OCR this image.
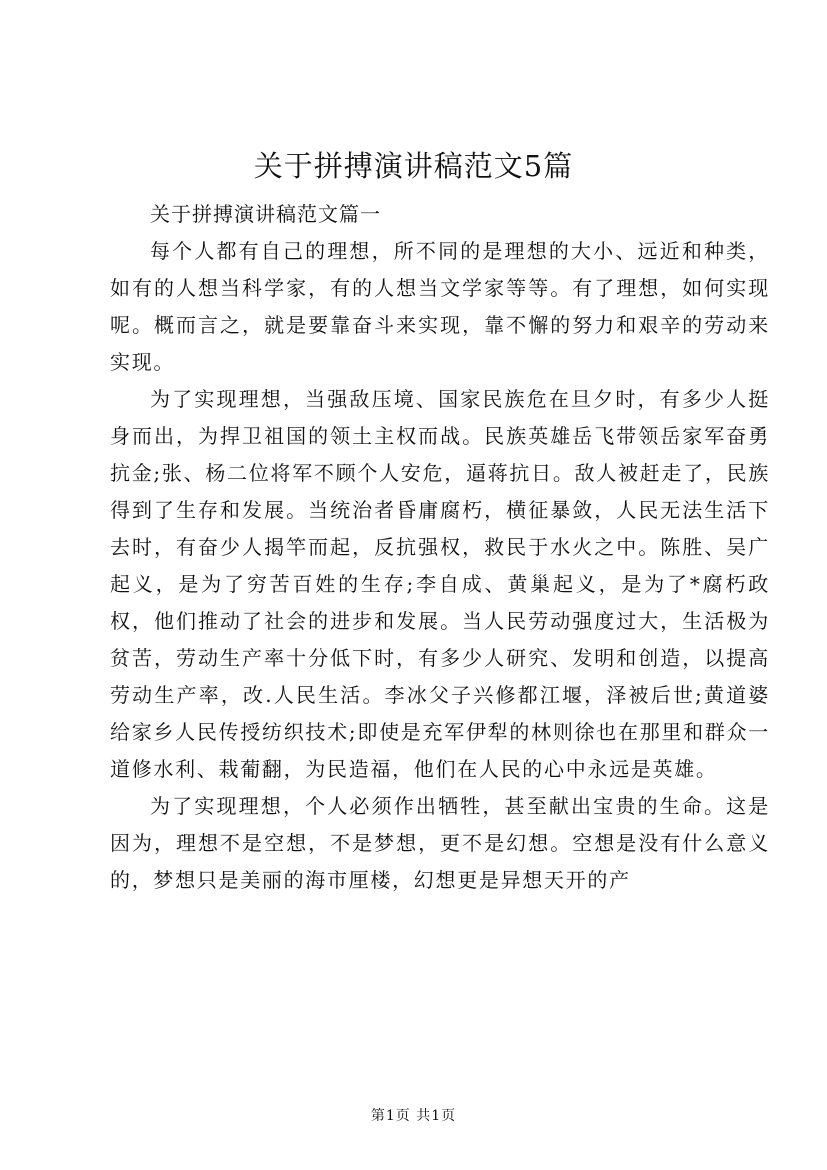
关于拼搏演讲稿范文5篇

关于拼搏演讲稿范文篇一

每个人都有自己的理想，所不同的是理想的大小、远近和种类，如有的人想当科学家，有的人想当文学家等等。有了理想，如何实现呢。概而言之，就是要靠奋斗来实现，靠不懈的努力和艰辛的劳动来实现。

为了实现理想，当强敌压境、国家民族危在旦夕时，有多少人挺身而出，为捍卫祖国的领土主权而战。民族英雄岳飞带领岳家军奋勇抗金;张、杨二位将军不顾个人安危，逼蒋抗日。敌人被赶走了，民族得到了生存和发展。当统治者昏庸腐朽，横征暴敛，人民无法生活下去时，有奋少人揭竿而起，反抗强权，救民于水火之中。陈胜、吴广起义，是为了穷苦百姓的生存;李自成、黄巢起义，是为了*腐朽政权，他们推动了社会的进步和发展。当人民劳动强度过大，生活极为贫苦，劳动生产率十分低下时，有多少人研究、发明和创造，以提高劳动生产率，改.人民生活。李冰父子兴修都江堰，泽被后世;黄道婆给家乡人民传授纺织技术;即使是充军伊犁的林则徐也在那里和群众一道修水利、栽葡翻，为民造福，他们在人民的心中永远是英雄。

为了实现理想，个人必须作出牺牲，甚至献出宝贵的生命。这是因为，理想不是空想，不是梦想，更不是幻想。空想是没有什么意义的，梦想只是美丽的海市厘楼，幻想更是异想天开的产

第1页 共1页
